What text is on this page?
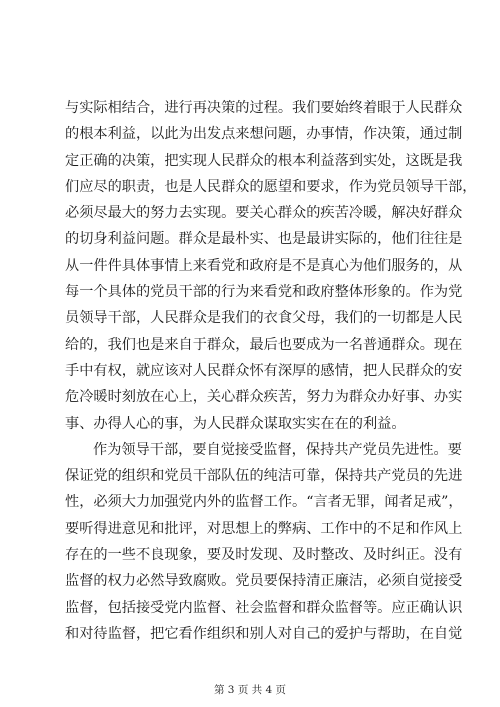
与实际相结合，进行再决策的过程。我们要始终着眼于人民群众
的根本利益，以此为出发点来想问题，办事情，作决策，通过制
定正确的决策，把实现人民群众的根本利益落到实处，这既是我
们应尽的职责，也是人民群众的愿望和要求，作为党员领导干部，
必须尽最大的努力去实现。要关心群众的疾苦冷暖，解决好群众
的切身利益问题。群众是最朴实、也是最讲实际的，他们往往是
从一件件具体事情上来看党和政府是不是真心为他们服务的，从
每一个具体的党员干部的行为来看党和政府整体形象的。作为党
员领导干部，人民群众是我们的衣食父母，我们的一切都是人民
给的，我们也是来自于群众，最后也要成为一名普通群众。现在
手中有权，就应该对人民群众怀有深厚的感情，把人民群众的安
危冷暖时刻放在心上，关心群众疾苦，努力为群众办好事、办实
事、办得人心的事，为人民群众谋取实实在在的利益。
作为领导干部，要自觉接受监督，保持共产党员先进性。要
保证党的组织和党员干部队伍的纯洁可靠，保持共产党员的先进
性，必须大力加强党内外的监督工作。“言者无罪，闻者足戒”，
要听得进意见和批评，对思想上的弊病、工作中的不足和作风上
存在的一些不良现象，要及时发现、及时整改、及时纠正。没有
监督的权力必然导致腐败。党员要保持清正廉洁，必须自觉接受
监督，包括接受党内监督、社会监督和群众监督等。应正确认识
和对待监督，把它看作组织和别人对自己的爱护与帮助，在自觉
第 3 页 共 4 页
